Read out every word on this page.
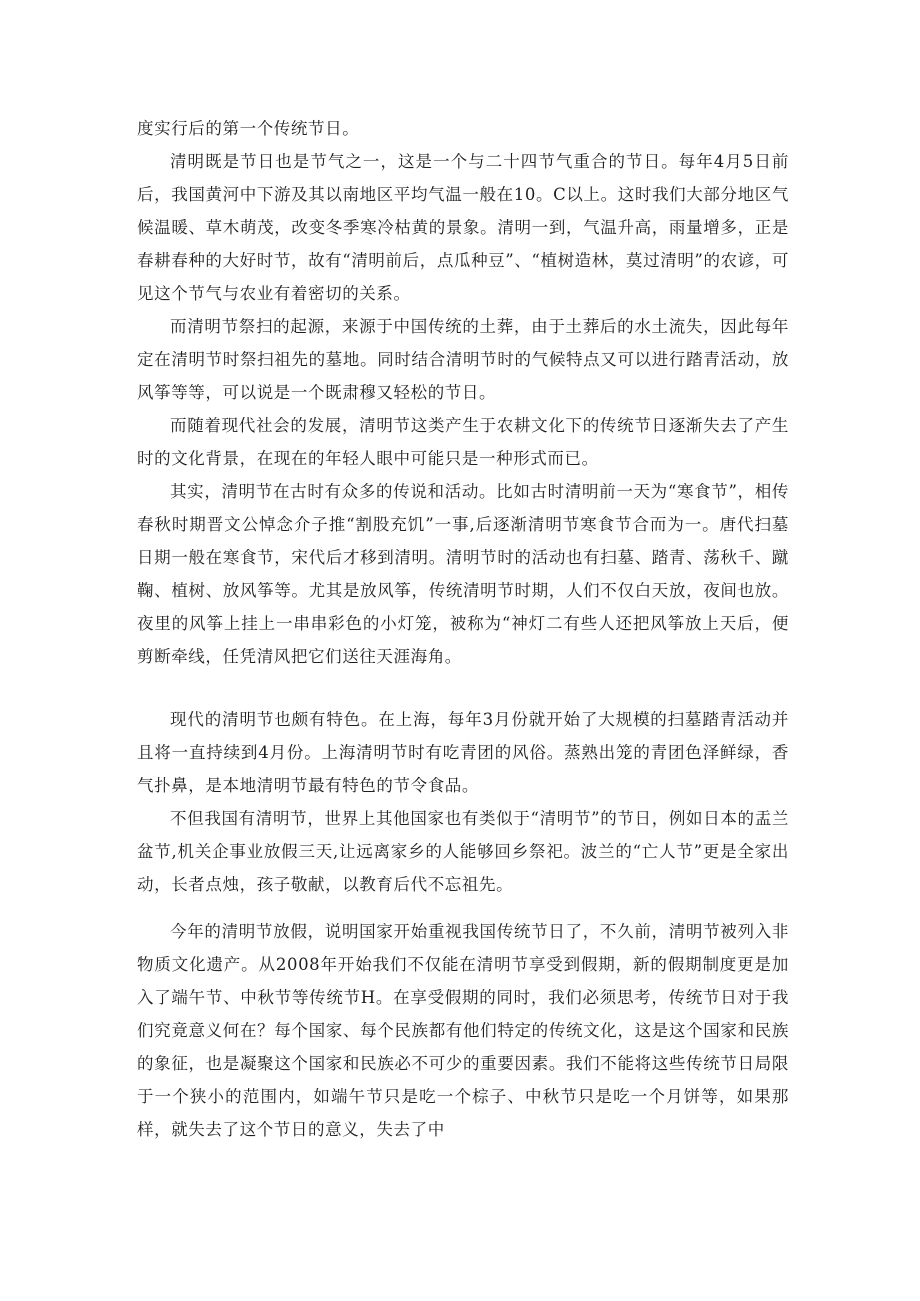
度实行后的第一个传统节日。

清明既是节日也是节气之一，这是一个与二十四节气重合的节日。每年4月5日前后，我国黄河中下游及其以南地区平均气温一般在10。C以上。这时我们大部分地区气候温暖、草木萌茂，改变冬季寒冷枯黄的景象。清明一到，气温升高，雨量增多，正是春耕春种的大好时节，故有“清明前后，点瓜种豆”、“植树造林，莫过清明”的农谚，可见这个节气与农业有着密切的关系。

而清明节祭扫的起源，来源于中国传统的土葬，由于土葬后的水土流失，因此每年定在清明节时祭扫祖先的墓地。同时结合清明节时的气候特点又可以进行踏青活动，放风筝等等，可以说是一个既肃穆又轻松的节日。

而随着现代社会的发展，清明节这类产生于农耕文化下的传统节日逐渐失去了产生时的文化背景，在现在的年轻人眼中可能只是一种形式而已。

其实，清明节在古时有众多的传说和活动。比如古时清明前一天为“寒食节”，相传春秋时期晋文公悼念介子推“割股充饥”一事,后逐渐清明节寒食节合而为一。唐代扫墓日期一般在寒食节，宋代后才移到清明。清明节时的活动也有扫墓、踏青、荡秋千、蹴鞠、植树、放风筝等。尤其是放风筝，传统清明节时期，人们不仅白天放，夜间也放。夜里的风筝上挂上一串串彩色的小灯笼，被称为“神灯二有些人还把风筝放上天后，便剪断牵线，任凭清风把它们送往天涯海角。

现代的清明节也颇有特色。在上海，每年3月份就开始了大规模的扫墓踏青活动并且将一直持续到4月份。上海清明节时有吃青团的风俗。蒸熟出笼的青团色泽鲜绿，香气扑鼻，是本地清明节最有特色的节令食品。

不但我国有清明节，世界上其他国家也有类似于“清明节”的节日，例如日本的盂兰盆节,机关企事业放假三天,让远离家乡的人能够回乡祭祀。波兰的“亡人节”更是全家出动，长者点烛，孩子敬献，以教育后代不忘祖先。

今年的清明节放假，说明国家开始重视我国传统节日了，不久前，清明节被列入非物质文化遗产。从2008年开始我们不仅能在清明节享受到假期，新的假期制度更是加入了端午节、中秋节等传统节H。在享受假期的同时，我们必须思考，传统节日对于我们究竟意义何在？每个国家、每个民族都有他们特定的传统文化，这是这个国家和民族的象征，也是凝聚这个国家和民族必不可少的重要因素。我们不能将这些传统节日局限于一个狭小的范围内，如端午节只是吃一个棕子、中秋节只是吃一个月饼等，如果那样，就失去了这个节日的意义，失去了中
